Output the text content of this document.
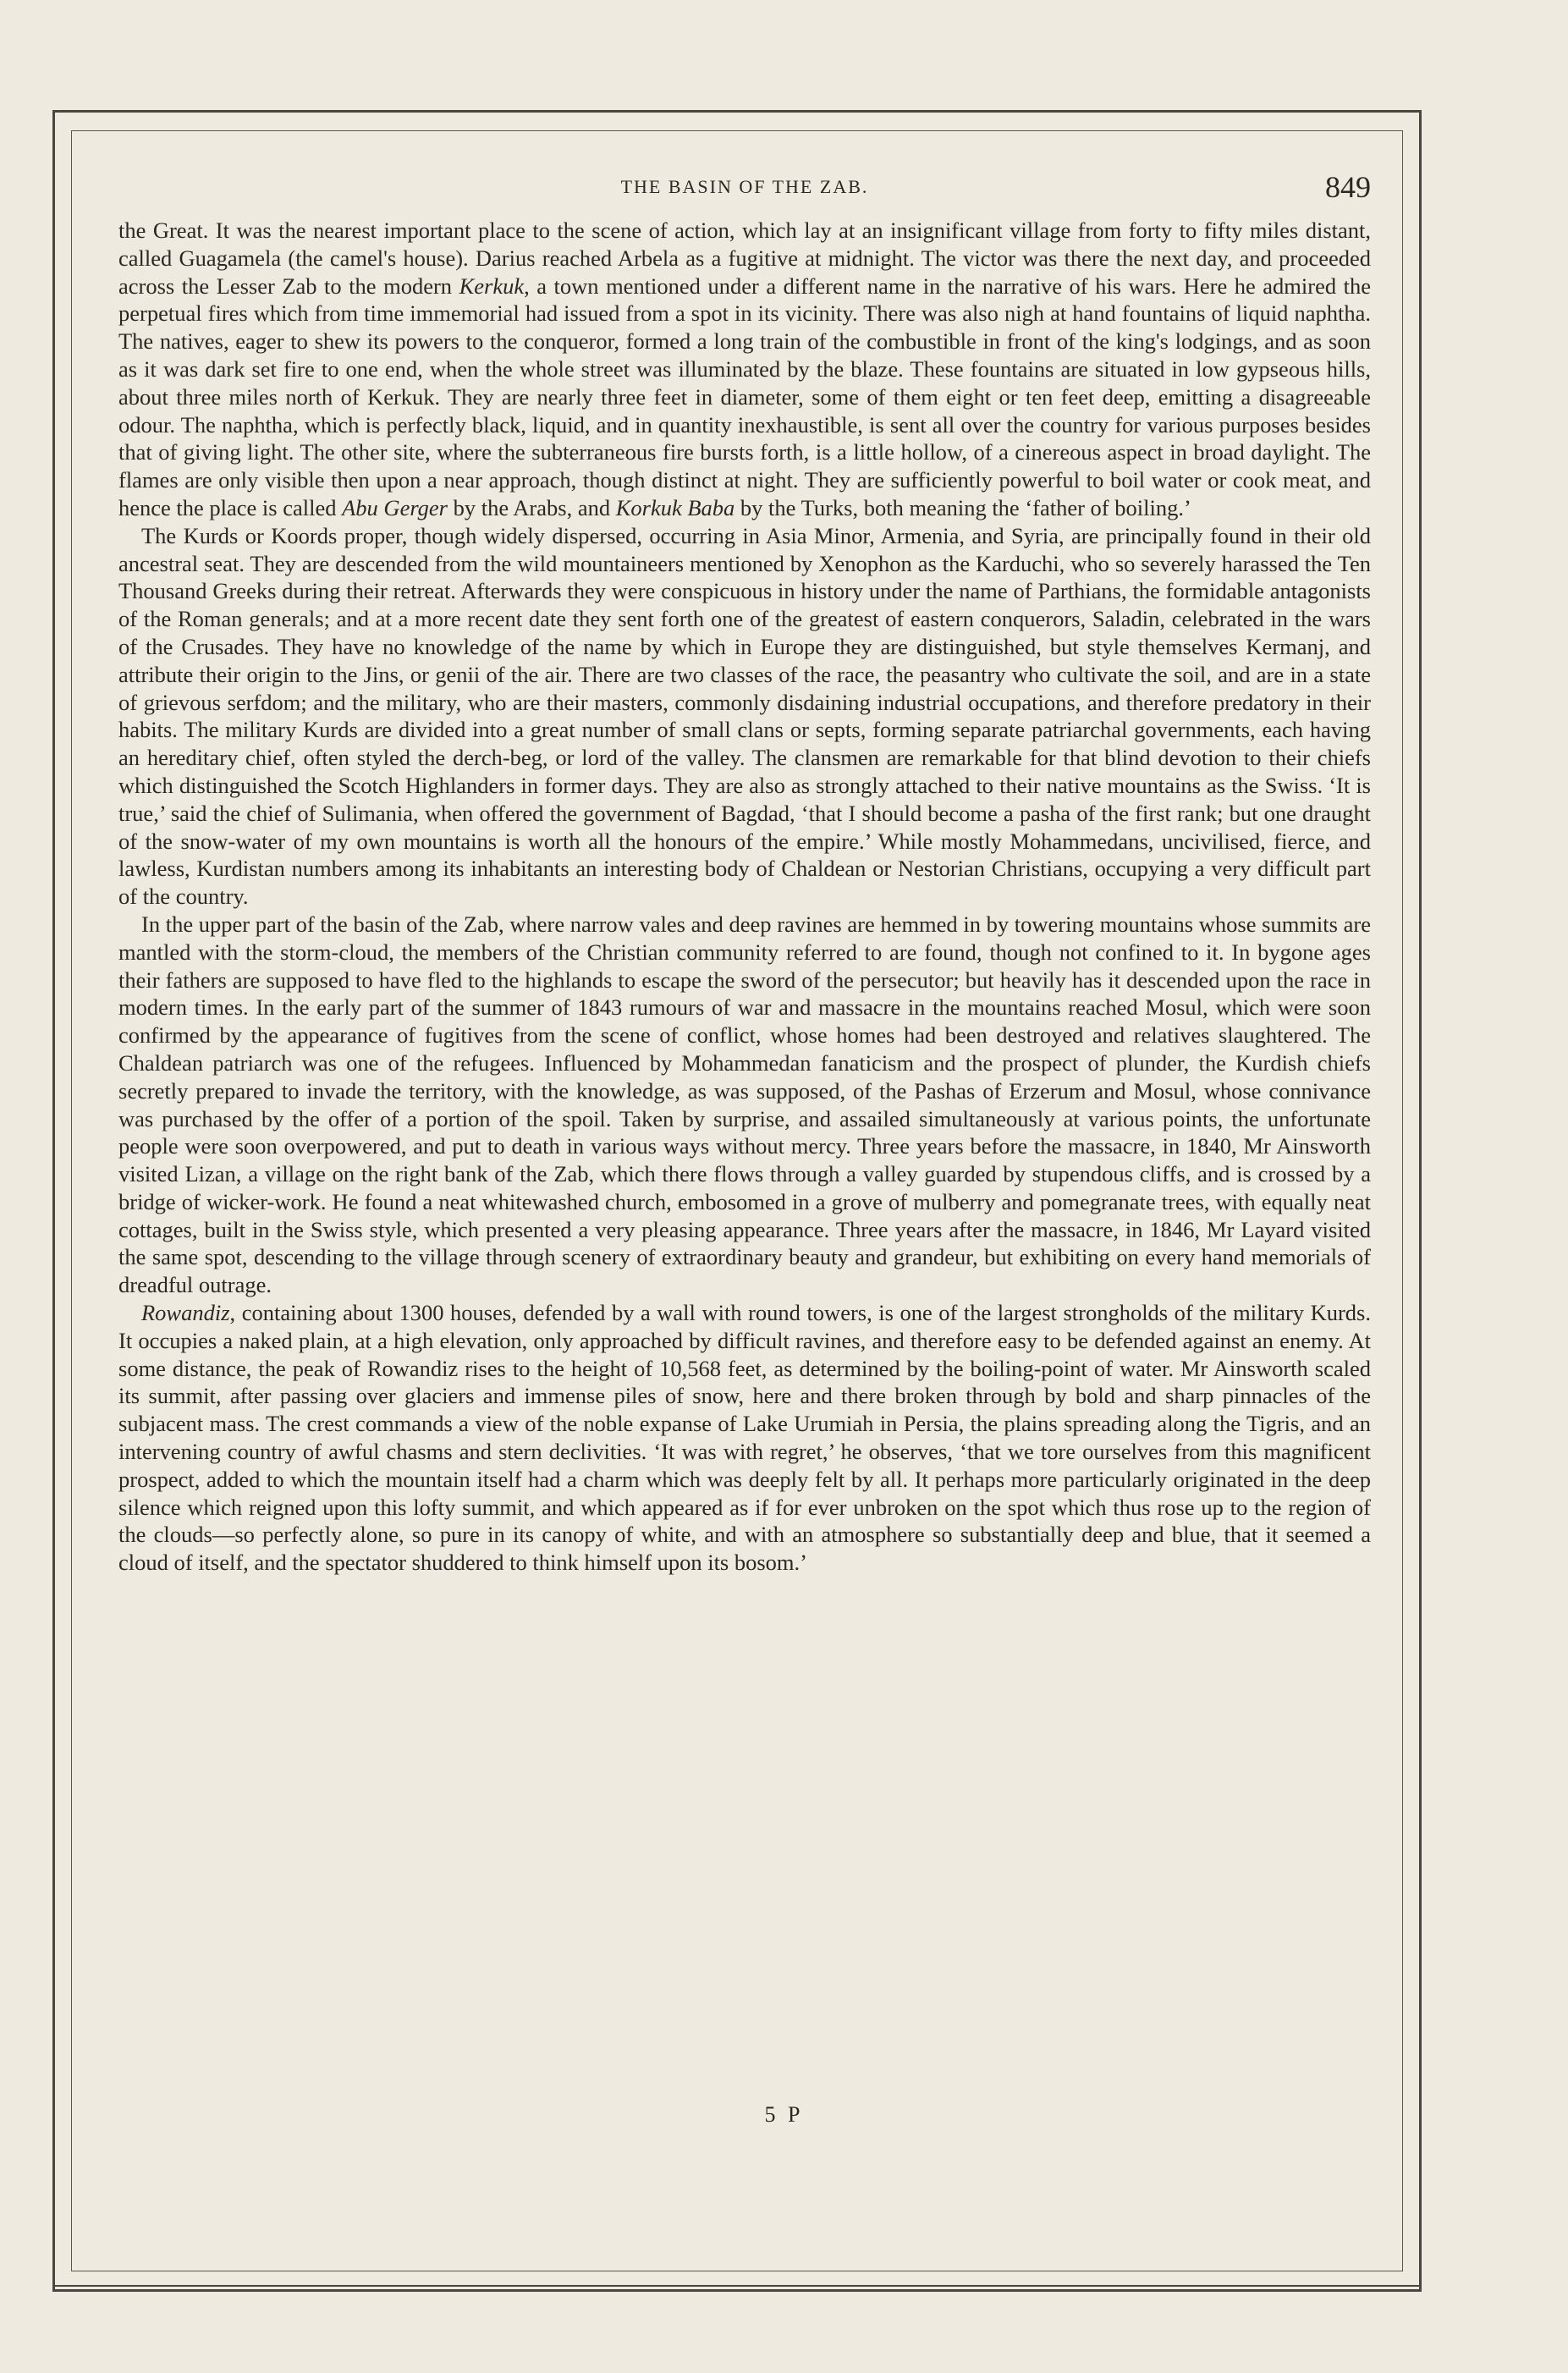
THE BASIN OF THE ZAB.	849

the Great. It was the nearest important place to the scene of action, which lay at an insignificant village from forty to fifty miles distant, called Guagamela (the camel's house). Darius reached Arbela as a fugitive at midnight. The victor was there the next day, and proceeded across the Lesser Zab to the modern Kerkuk, a town mentioned under a different name in the narrative of his wars. Here he admired the perpetual fires which from time immemorial had issued from a spot in its vicinity. There was also nigh at hand fountains of liquid naphtha. The natives, eager to shew its powers to the conqueror, formed a long train of the combustible in front of the king's lodgings, and as soon as it was dark set fire to one end, when the whole street was illuminated by the blaze. These fountains are situated in low gypseous hills, about three miles north of Kerkuk. They are nearly three feet in diameter, some of them eight or ten feet deep, emitting a disagreeable odour. The naphtha, which is perfectly black, liquid, and in quantity inexhaustible, is sent all over the country for various purposes besides that of giving light. The other site, where the subterraneous fire bursts forth, is a little hollow, of a cinereous aspect in broad daylight. The flames are only visible then upon a near approach, though distinct at night. They are sufficiently powerful to boil water or cook meat, and hence the place is called Abu Gerger by the Arabs, and Korkuk Baba by the Turks, both meaning the ‘father of boiling.’

The Kurds or Koords proper, though widely dispersed, occurring in Asia Minor, Armenia, and Syria, are principally found in their old ancestral seat. They are descended from the wild mountaineers mentioned by Xenophon as the Karduchi, who so severely harassed the Ten Thousand Greeks during their retreat. Afterwards they were conspicuous in history under the name of Parthians, the formidable antagonists of the Roman generals; and at a more recent date they sent forth one of the greatest of eastern conquerors, Saladin, celebrated in the wars of the Crusades. They have no knowledge of the name by which in Europe they are distinguished, but style themselves Kermanj, and attribute their origin to the Jins, or genii of the air. There are two classes of the race, the peasantry who cultivate the soil, and are in a state of grievous serfdom; and the military, who are their masters, commonly disdaining industrial occupations, and therefore predatory in their habits. The military Kurds are divided into a great number of small clans or septs, forming separate patriarchal governments, each having an hereditary chief, often styled the derch-beg, or lord of the valley. The clansmen are remarkable for that blind devotion to their chiefs which distinguished the Scotch Highlanders in former days. They are also as strongly attached to their native mountains as the Swiss. ‘It is true,’ said the chief of Sulimania, when offered the government of Bagdad, ‘that I should become a pasha of the first rank; but one draught of the snow-water of my own mountains is worth all the honours of the empire.’ While mostly Mohammedans, uncivilised, fierce, and lawless, Kurdistan numbers among its inhabitants an interesting body of Chaldean or Nestorian Christians, occupying a very difficult part of the country.

In the upper part of the basin of the Zab, where narrow vales and deep ravines are hemmed in by towering mountains whose summits are mantled with the storm-cloud, the members of the Christian community referred to are found, though not confined to it. In bygone ages their fathers are supposed to have fled to the highlands to escape the sword of the persecutor; but heavily has it descended upon the race in modern times. In the early part of the summer of 1843 rumours of war and massacre in the mountains reached Mosul, which were soon confirmed by the appearance of fugitives from the scene of conflict, whose homes had been destroyed and relatives slaughtered. The Chaldean patriarch was one of the refugees. Influenced by Mohammedan fanaticism and the prospect of plunder, the Kurdish chiefs secretly prepared to invade the territory, with the knowledge, as was supposed, of the Pashas of Erzerum and Mosul, whose connivance was purchased by the offer of a portion of the spoil. Taken by surprise, and assailed simultaneously at various points, the unfortunate people were soon overpowered, and put to death in various ways without mercy. Three years before the massacre, in 1840, Mr Ainsworth visited Lizan, a village on the right bank of the Zab, which there flows through a valley guarded by stupendous cliffs, and is crossed by a bridge of wicker-work. He found a neat whitewashed church, embosomed in a grove of mulberry and pomegranate trees, with equally neat cottages, built in the Swiss style, which presented a very pleasing appearance. Three years after the massacre, in 1846, Mr Layard visited the same spot, descending to the village through scenery of extraordinary beauty and grandeur, but exhibiting on every hand memorials of dreadful outrage.

Rowandiz, containing about 1300 houses, defended by a wall with round towers, is one of the largest strongholds of the military Kurds. It occupies a naked plain, at a high elevation, only approached by difficult ravines, and therefore easy to be defended against an enemy. At some distance, the peak of Rowandiz rises to the height of 10,568 feet, as determined by the boiling-point of water. Mr Ainsworth scaled its summit, after passing over glaciers and immense piles of snow, here and there broken through by bold and sharp pinnacles of the subjacent mass. The crest commands a view of the noble expanse of Lake Urumiah in Persia, the plains spreading along the Tigris, and an intervening country of awful chasms and stern declivities. ‘It was with regret,’ he observes, ‘that we tore ourselves from this magnificent prospect, added to which the mountain itself had a charm which was deeply felt by all. It perhaps more particularly originated in the deep silence which reigned upon this lofty summit, and which appeared as if for ever unbroken on the spot which thus rose up to the region of the clouds—so perfectly alone, so pure in its canopy of white, and with an atmosphere so substantially deep and blue, that it seemed a cloud of itself, and the spectator shuddered to think himself upon its bosom.’

5 P
